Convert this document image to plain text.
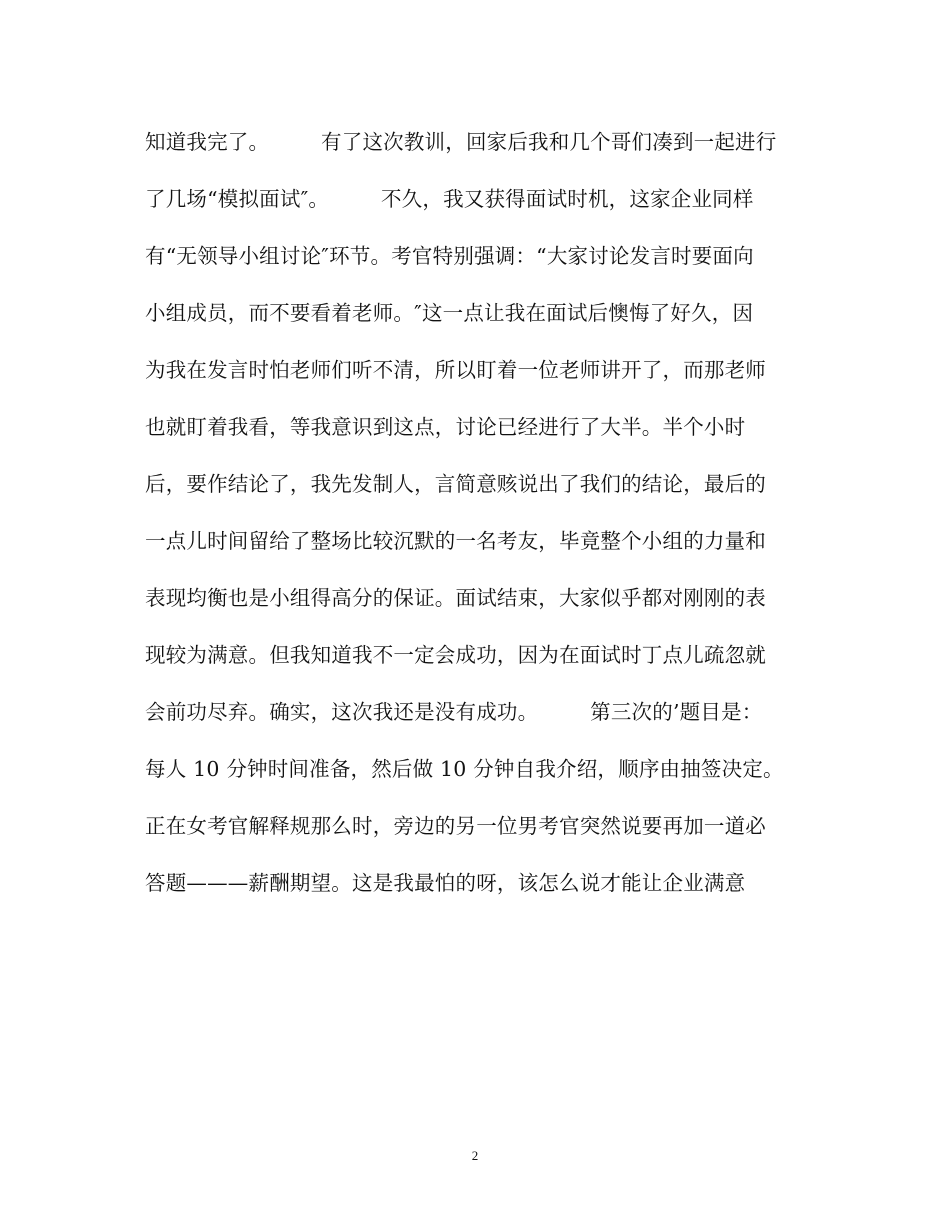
知道我完了。　　　有了这次教训，回家后我和几个哥们凑到一起进行
了几场“模拟面试″。　　　不久，我又获得面试时机，这家企业同样
有“无领导小组讨论″环节。考官特别强调：“大家讨论发言时要面向
小组成员，而不要看着老师。″这一点让我在面试后懊悔了好久，因
为我在发言时怕老师们听不清，所以盯着一位老师讲开了，而那老师
也就盯着我看，等我意识到这点，讨论已经进行了大半。半个小时
后，要作结论了，我先发制人，言简意赅说出了我们的结论，最后的
一点儿时间留给了整场比较沉默的一名考友，毕竟整个小组的力量和
表现均衡也是小组得高分的保证。面试结束，大家似乎都对刚刚的表
现较为满意。但我知道我不一定会成功，因为在面试时丁点儿疏忽就
会前功尽弃。确实，这次我还是没有成功。　　　第三次的’题目是：
每人 10 分钟时间准备，然后做 10 分钟自我介绍，顺序由抽签决定。
正在女考官解释规那么时，旁边的另一位男考官突然说要再加一道必
答题———薪酬期望。这是我最怕的呀，该怎么说才能让企业满意
2
